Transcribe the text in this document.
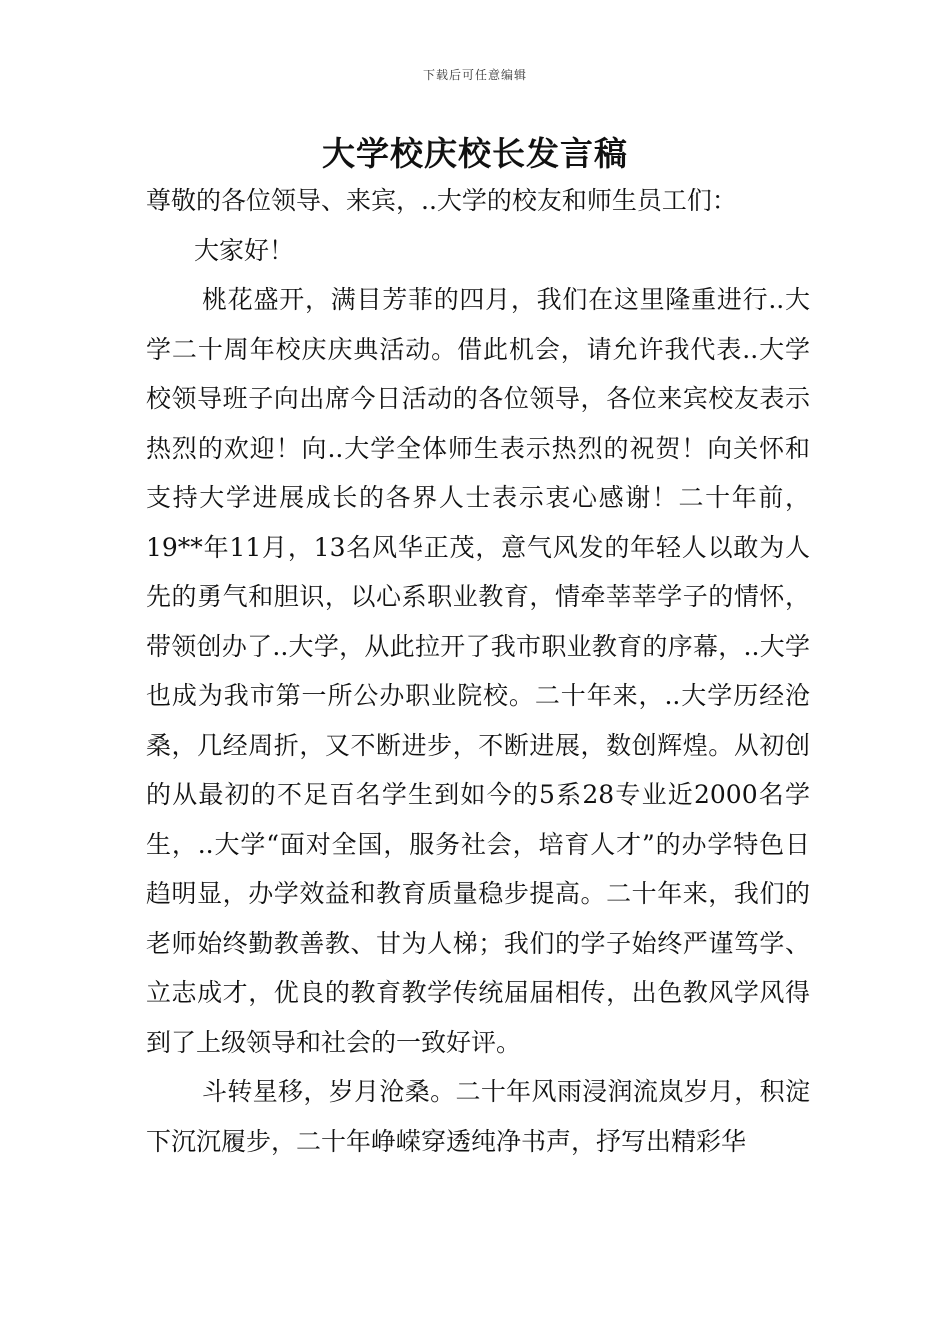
下载后可任意编辑
大学校庆校长发言稿

尊敬的各位领导、来宾，..大学的校友和师生员工们：

大家好！

桃花盛开，满目芳菲的四月，我们在这里隆重进行..大学二十周年校庆庆典活动。借此机会，请允许我代表..大学校领导班子向出席今日活动的各位领导，各位来宾校友表示热烈的欢迎！向..大学全体师生表示热烈的祝贺！向关怀和支持大学进展成长的各界人士表示衷心感谢！二十年前，19**年11月，13名风华正茂，意气风发的年轻人以敢为人先的勇气和胆识，以心系职业教育，情牵莘莘学子的情怀，带领创办了..大学，从此拉开了我市职业教育的序幕，..大学也成为我市第一所公办职业院校。二十年来，..大学历经沧桑，几经周折，又不断进步，不断进展，数创辉煌。从初创的从最初的不足百名学生到如今的5系28专业近2000名学生，..大学“面对全国，服务社会，培育人才”的办学特色日趋明显，办学效益和教育质量稳步提高。二十年来，我们的老师始终勤教善教、甘为人梯；我们的学子始终严谨笃学、立志成才，优良的教育教学传统届届相传，出色教风学风得到了上级领导和社会的一致好评。

斗转星移，岁月沧桑。二十年风雨浸润流岚岁月，积淀下沉沉履步，二十年峥嵘穿透纯净书声，抒写出精彩华
